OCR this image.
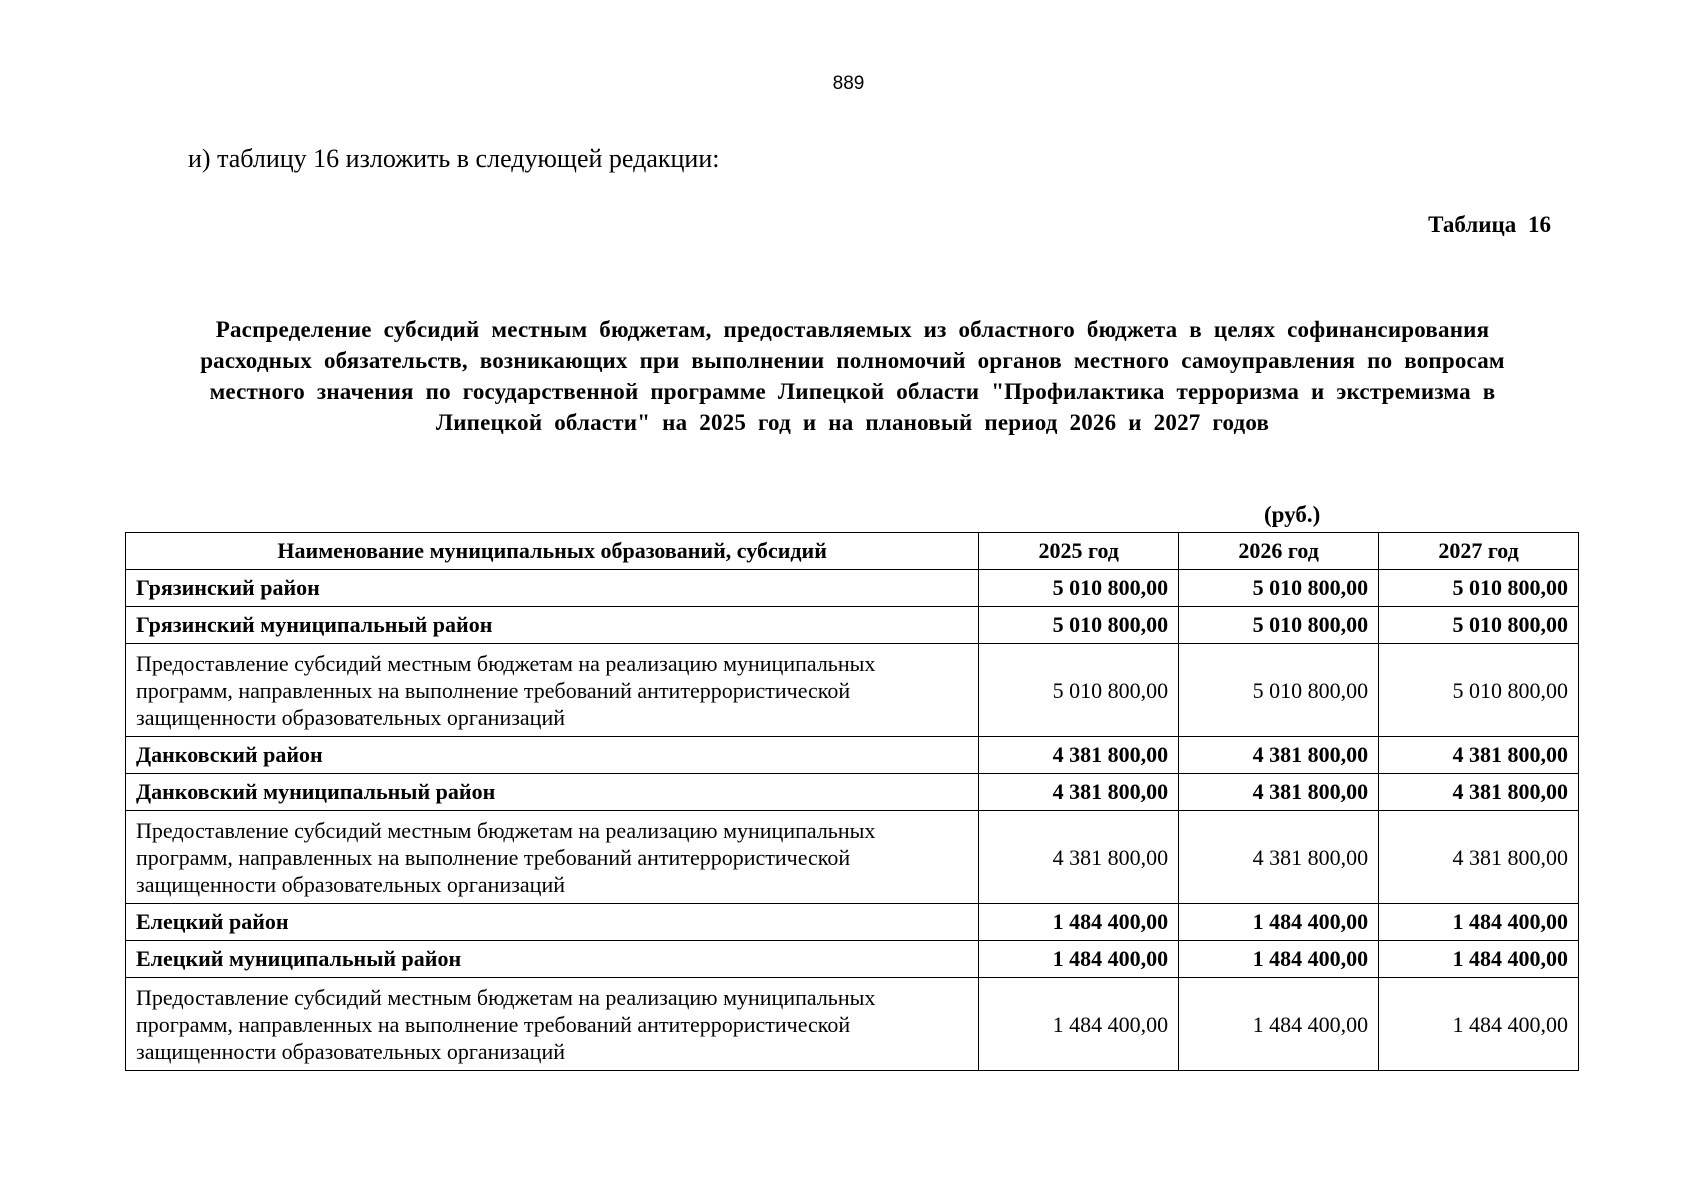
889
и) таблицу 16 изложить в следующей редакции:
Таблица 16
Распределение субсидий местным бюджетам, предоставляемых из областного бюджета в целях софинансирования расходных обязательств, возникающих при выполнении полномочий органов местного самоуправления по вопросам местного значения по государственной программе Липецкой области "Профилактика терроризма и экстремизма в Липецкой области" на 2025 год и на плановый период 2026 и 2027 годов
(руб.)
Наименование муниципальных образований, субсидий	2025 год	2026 год	2027 год
Грязинский район	5 010 800,00	5 010 800,00	5 010 800,00
Грязинский муниципальный район	5 010 800,00	5 010 800,00	5 010 800,00
Предоставление субсидий местным бюджетам на реализацию муниципальных программ, направленных на выполнение требований антитеррористической защищенности образовательных организаций	5 010 800,00	5 010 800,00	5 010 800,00
Данковский район	4 381 800,00	4 381 800,00	4 381 800,00
Данковский муниципальный район	4 381 800,00	4 381 800,00	4 381 800,00
Предоставление субсидий местным бюджетам на реализацию муниципальных программ, направленных на выполнение требований антитеррористической защищенности образовательных организаций	4 381 800,00	4 381 800,00	4 381 800,00
Елецкий район	1 484 400,00	1 484 400,00	1 484 400,00
Елецкий муниципальный район	1 484 400,00	1 484 400,00	1 484 400,00
Предоставление субсидий местным бюджетам на реализацию муниципальных программ, направленных на выполнение требований антитеррористической защищенности образовательных организаций	1 484 400,00	1 484 400,00	1 484 400,00
